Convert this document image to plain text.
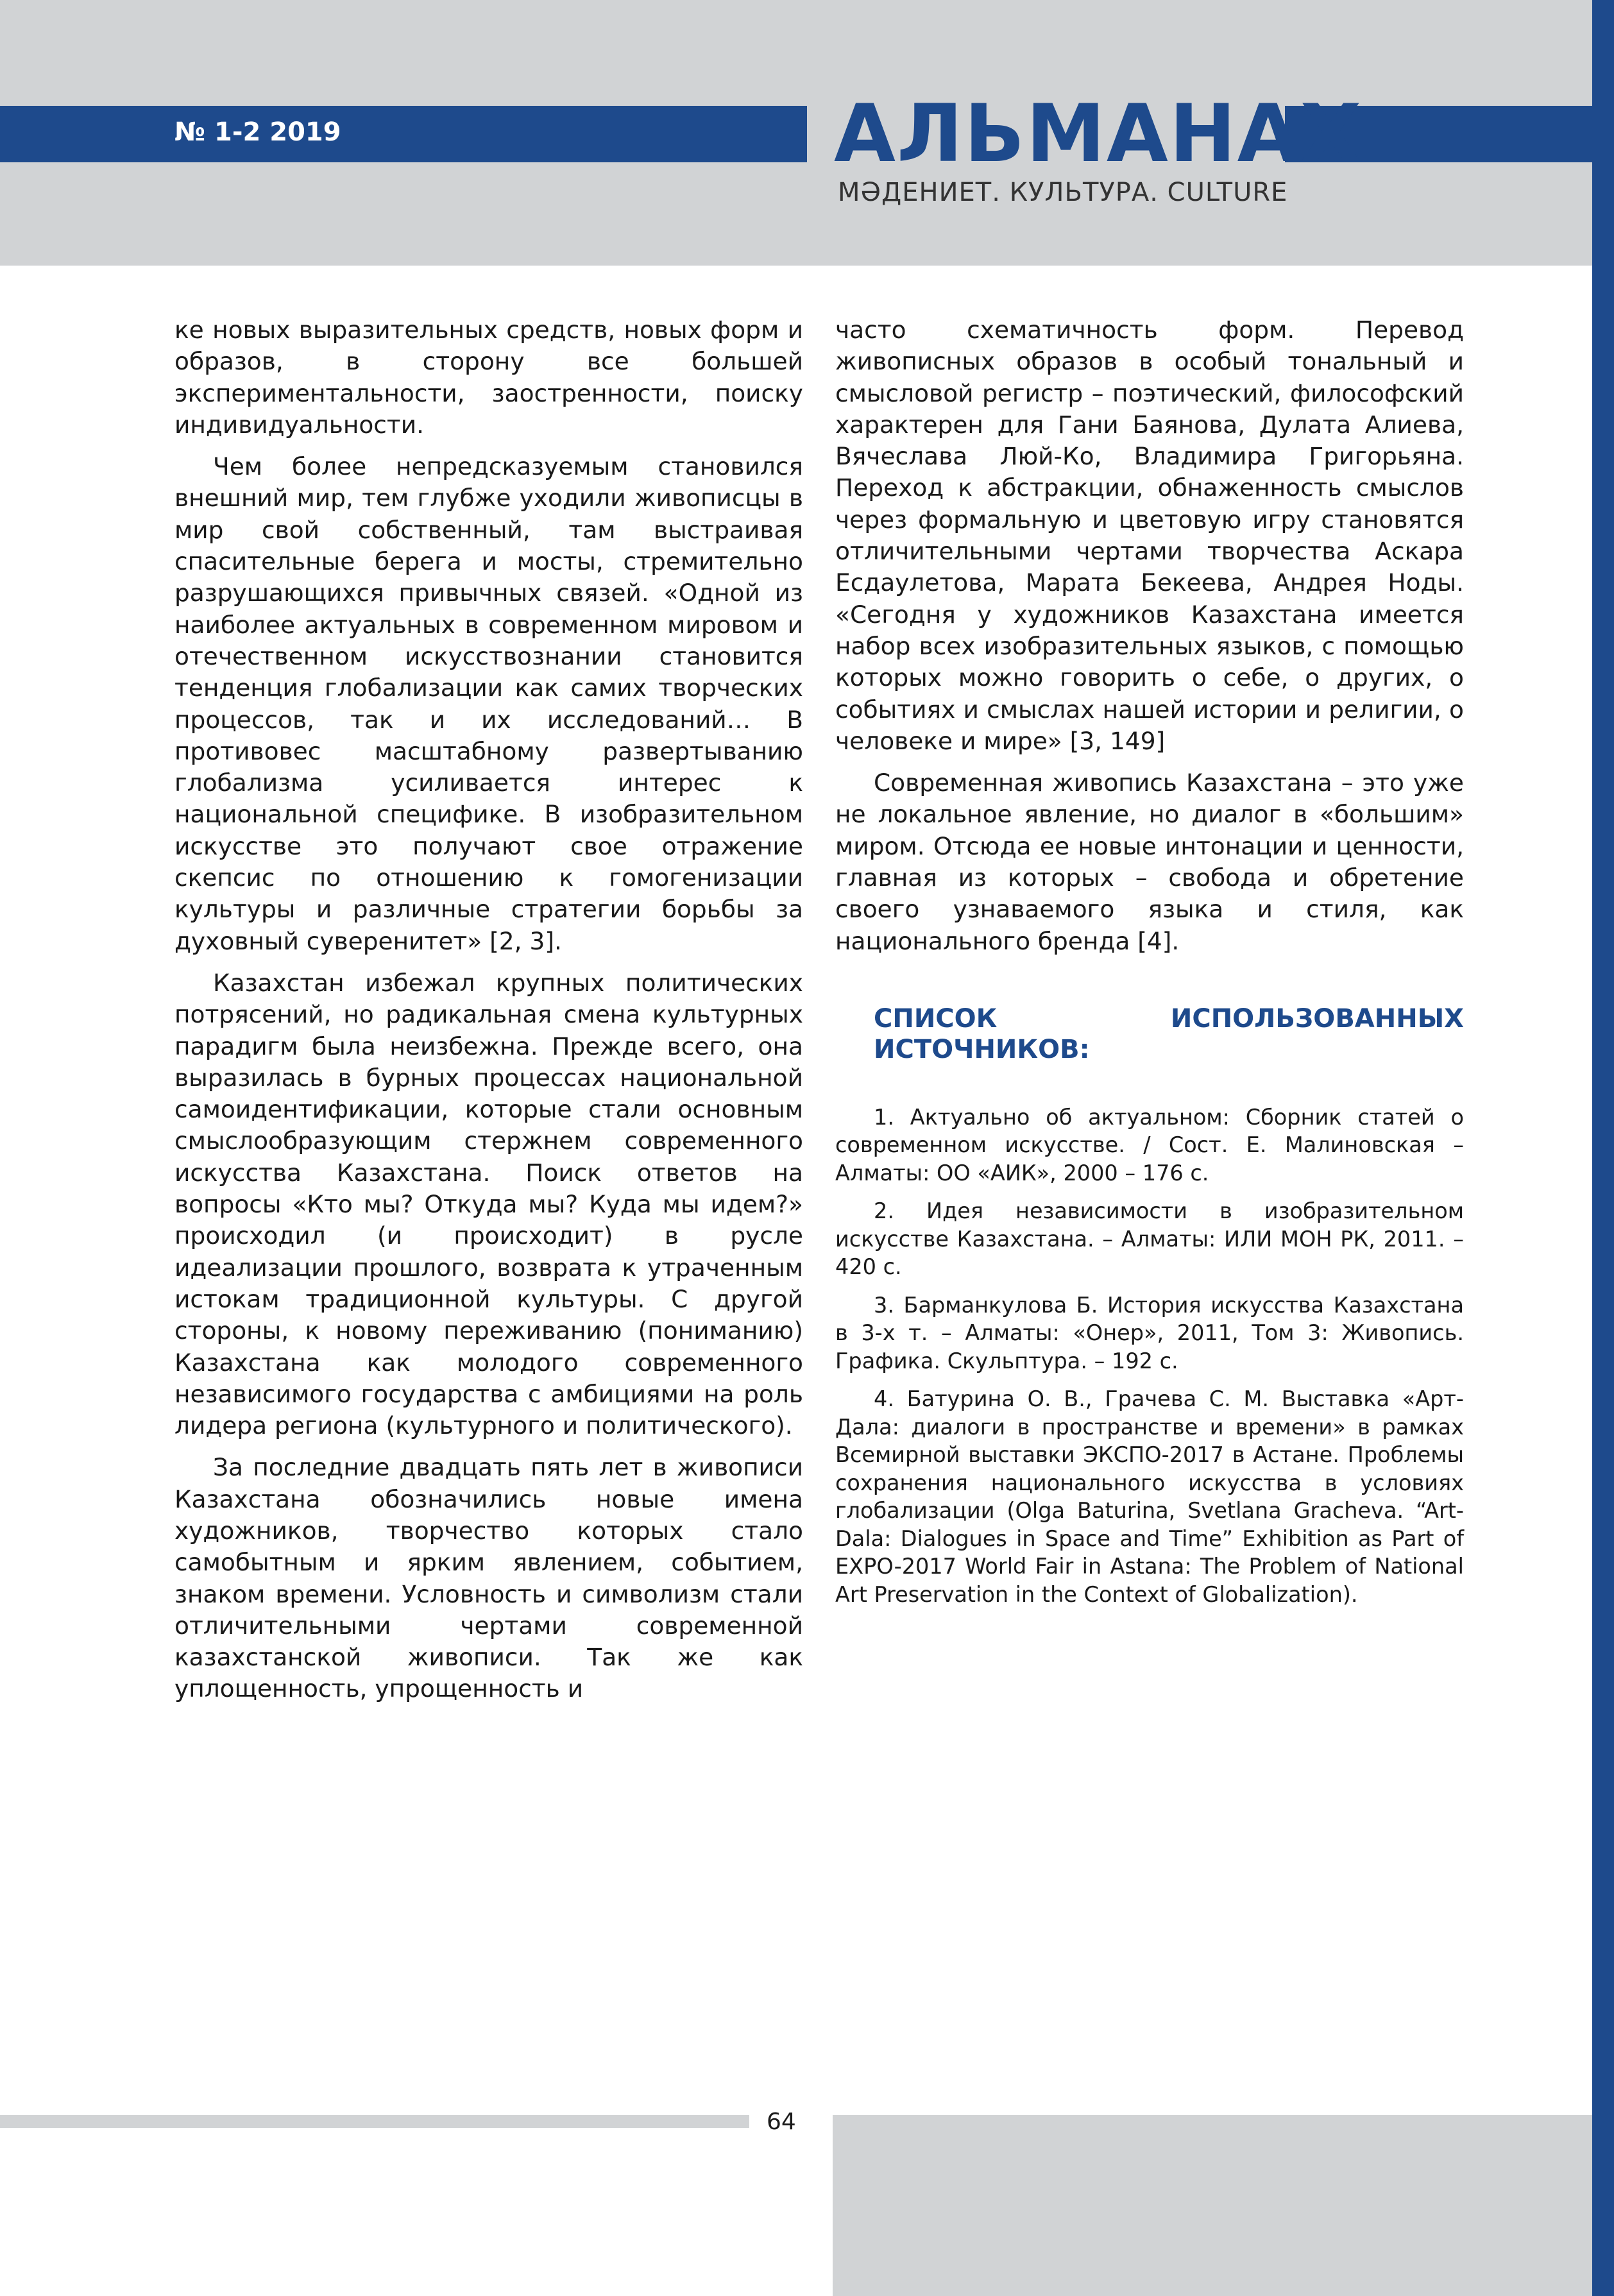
№ 1-2 2019	АЛЬМАНАХ
МӘДЕНИЕТ. КУЛЬТУРА. CULTURE

ке новых выразительных средств, новых форм и образов, в сторону все большей экспериментальности, заостренности, поиску индивидуальности.

Чем более непредсказуемым становился внешний мир, тем глубже уходили живописцы в мир свой собственный, там выстраивая спасительные берега и мосты, стремительно разрушающихся привычных связей. «Одной из наиболее актуальных в современном мировом и отечественном искусствознании становится тенденция глобализации как самих творческих процессов, так и их исследований… В противовес масштабному развертыванию глобализма усиливается интерес к национальной специфике. В изобразительном искусстве это получают свое отражение скепсис по отношению к гомогенизации культуры и различные стратегии борьбы за духовный суверенитет» [2, 3].

Казахстан избежал крупных политических потрясений, но радикальная смена культурных парадигм была неизбежна. Прежде всего, она выразилась в бурных процессах национальной самоидентификации, которые стали основным смыслообразующим стержнем современного искусства Казахстана. Поиск ответов на вопросы «Кто мы? Откуда мы? Куда мы идем?» происходил (и происходит) в русле идеализации прошлого, возврата к утраченным истокам традиционной культуры. С другой стороны, к новому переживанию (пониманию) Казахстана как молодого современного независимого государства с амбициями на роль лидера региона (культурного и политического).

За последние двадцать пять лет в живописи Казахстана обозначились новые имена художников, творчество которых стало самобытным и ярким явлением, событием, знаком времени. Условность и символизм стали отличительными чертами современной казахстанской живописи. Так же как уплощенность, упрощенность и

часто схематичность форм. Перевод живописных образов в особый тональный и смысловой регистр – поэтический, философский характерен для Гани Баянова, Дулата Алиева, Вячеслава Люй-Ко, Владимира Григорьяна. Переход к абстракции, обнаженность смыслов через формальную и цветовую игру становятся отличительными чертами творчества Аскара Есдаулетова, Марата Бекеева, Андрея Ноды. «Сегодня у художников Казахстана имеется набор всех изобразительных языков, с помощью которых можно говорить о себе, о других, о событиях и смыслах нашей истории и религии, о человеке и мире» [3, 149]

Современная живопись Казахстана – это уже не локальное явление, но диалог в «большим» миром. Отсюда ее новые интонации и ценности, главная из которых – свобода и обретение своего узнаваемого языка и стиля, как национального бренда [4].

СПИСОК ИСПОЛЬЗОВАННЫХ ИСТОЧНИКОВ:

1. Актуально об актуальном: Сборник статей о современном искусстве. / Сост. Е. Малиновская – Алматы: ОО «АИК», 2000 – 176 с.

2. Идея независимости в изобразительном искусстве Казахстана. – Алматы: ИЛИ МОН РК, 2011. – 420 с.

3. Барманкулова Б. История искусства Казахстана в 3-х т. – Алматы: «Онер», 2011, Том 3: Живопись. Графика. Скульптура. – 192 с.

4. Батурина О. В., Грачева С. М. Выставка «Арт-Дала: диалоги в пространстве и времени» в рамках Всемирной выставки ЭКСПО-2017 в Астане. Проблемы сохранения национального искусства в условиях глобализации (Olga Baturina, Svetlana Gracheva. “Art-Dala: Dialogues in Space and Time” Exhibition as Part of EXPO-2017 World Fair in Astana: The Problem of National Art Preservation in the Context of Globalization).

64
